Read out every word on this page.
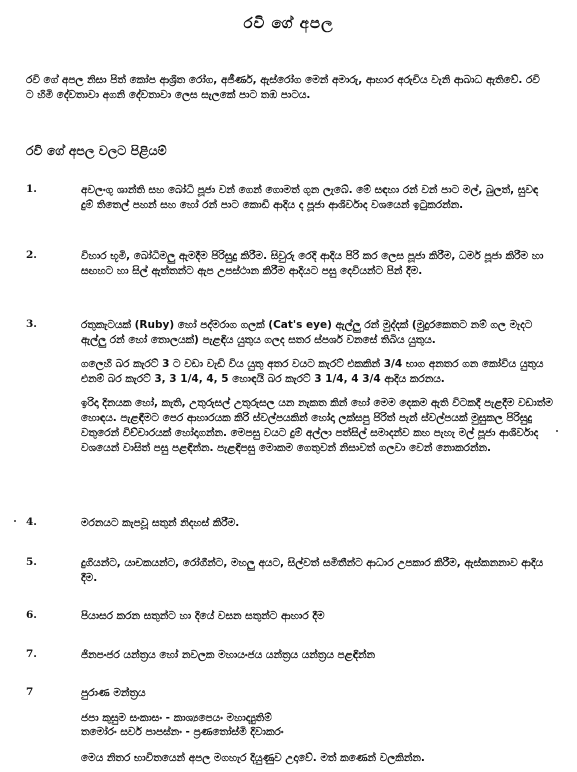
රවි ගේ අපල
රවි ගේ අපල නිසා පිත් කෝප ආශ්‍රිත රෝග, අජීර්ණ, ඇස්රෝග මෙන් අමාරු, ආහාර අරුචිය වැනි ආබාධ ඇතිවේ. රවි ට හිමි දේවතාවා අගනි දේවතාවා ලෙස සැලකේ පාට තඹ පාටය.
රවි ගේ අපල වලට පිළියම්
1.	අවලංගු ශාන්ති සහ බෝධි පූජා වන් ගෙන් ගොමත් ගුන ලැබේ. මේ සඳහා රන් වන් පාට මල්, බුලත්, සුවඳ දුම් තිතෙල් පහන් සහ හෝ රන් පාට කොඩි ආදිය ද පූජා ආශිර්වාද වශයෙන් ඉටුකරන්න.

2.	විහාර භූමි, බෝධිමලු ඇමදීම පිරිසුදු කිරීම. සිවුරු රෙදි ආදිය පිරි කර ලෙස පූජා කිරීම, ධර්ම පූජා කිරීම හා සඟහට හා සිල් ඇත්තන්ට ඇප උපස්ථාන කිරීම ආදියට පසු දෙවියන්ට පින් දීම.

3.	රතුකැටයක් (Ruby) හෝ පද්මරාග ගලක් (Cat's eye) ඇල්ලු රන් මුද්දක් (මුදුරකෙතට නම් ගල මැදට ඇල්ලු රන් හෝ තොලයක්) පැළඳිය යුතුය ගලද සතර ස්පර්ශ වනසේ තිබිය යුතුය.

ගලෙහි බර කැරට් 3 ට වඩා වැඩි විය යුතු අතර වයට කැරට් එකකින් 3/4 භාග අනතර ගන කෝවිය යුතුය එනම් බර කැරට් 3, 3 1/4, 4, 5 හොඳයි බර කැරට් 3 1/4, 4 3/4 ආදිය කරනය.

ඉරිදා දිනයක හෝ, කැති, උතුරුසල් උතුරුසල යන නැකත කින් හෝ මෙම දෙකම ඇති විටකදී පැළදීම වඩාත්ම හොඳය. පැළඳීමට පෙර ආහාරයක කිරි ස්වල්පයකින් හෝදා ලක්සපු පිරිත් පැන් ස්වල්පයක් මුසුකල පිරිසුදු වතුරෙන් විච්චාරයක් හෝදාගන්න. මෙපසු වයට දුම් අල්ලා පත්සිල් සමාදන්ව කහ පැහැ මල් පූජා ආශිර්වාද වශයෙන් වාසිත් පසු පළඳින්න. පැළඳිපසු මොකම ගෙතුවන් නිසාවත් ගලවා වෙන් නොකරන්න.

4.	මරනයට කැපවූ සතුන් නිදහස් කිරීම.

5.	දුගියන්ට, යාචකයන්ට, රෝගීන්ට, මහලු අයට, සිල්වත් සමිතීන්ට ආධාර උපකාර කිරීම, ඇස්කනනාව ආදිය දීම.

6.	පියාසර කරන සතුන්ට හා දියේ වසන සතුන්ට ආහාර දීම

7.	ජිනපංජර යන්ත්‍රය හෝ නවලක මහායංජය යන්ත්‍රය යන්ත්‍රය පළඳින්න

7	පුරාණ මන්ත්‍රය
ජපා කුසුම සංකාසං - කාශ්‍යපෙයං මහාද්‍යුතිම්
තමෝරං සර්ව පාපඝ්නං - ප්‍රණතෝස්මි දිවාකරං
මෙය නිතර භාවිතයෙන් අපල මගහැර දියුණුව උදාවේ. මත් කණෙන් වලකින්න.
